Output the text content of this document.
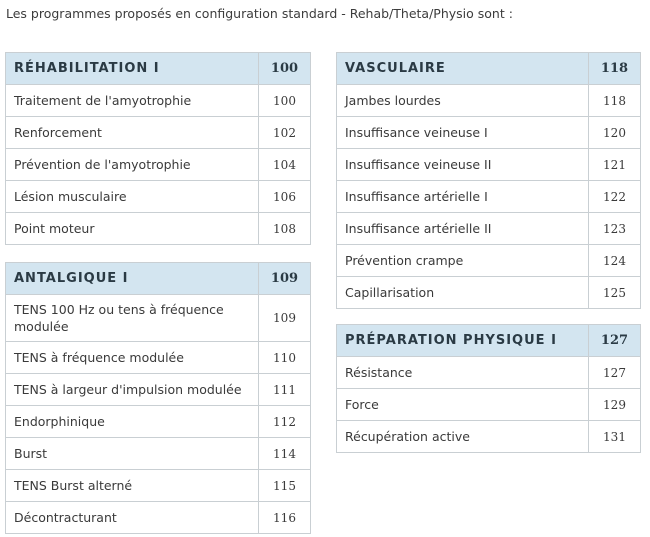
Les programmes proposés en configuration standard - Rehab/Theta/Physio sont :
RÉHABILITATION I	100
Traitement de l'amyotrophie	100
Renforcement	102
Prévention de l'amyotrophie	104
Lésion musculaire	106
Point moteur	108
ANTALGIQUE I	109
TENS 100 Hz ou tens à fréquence modulée	109
TENS à fréquence modulée	110
TENS à largeur d'impulsion modulée	111
Endorphinique	112
Burst	114
TENS Burst alterné	115
Décontracturant	116
VASCULAIRE	118
Jambes lourdes	118
Insuffisance veineuse I	120
Insuffisance veineuse II	121
Insuffisance artérielle I	122
Insuffisance artérielle II	123
Prévention crampe	124
Capillarisation	125
PRÉPARATION PHYSIQUE I	127
Résistance	127
Force	129
Récupération active	131
